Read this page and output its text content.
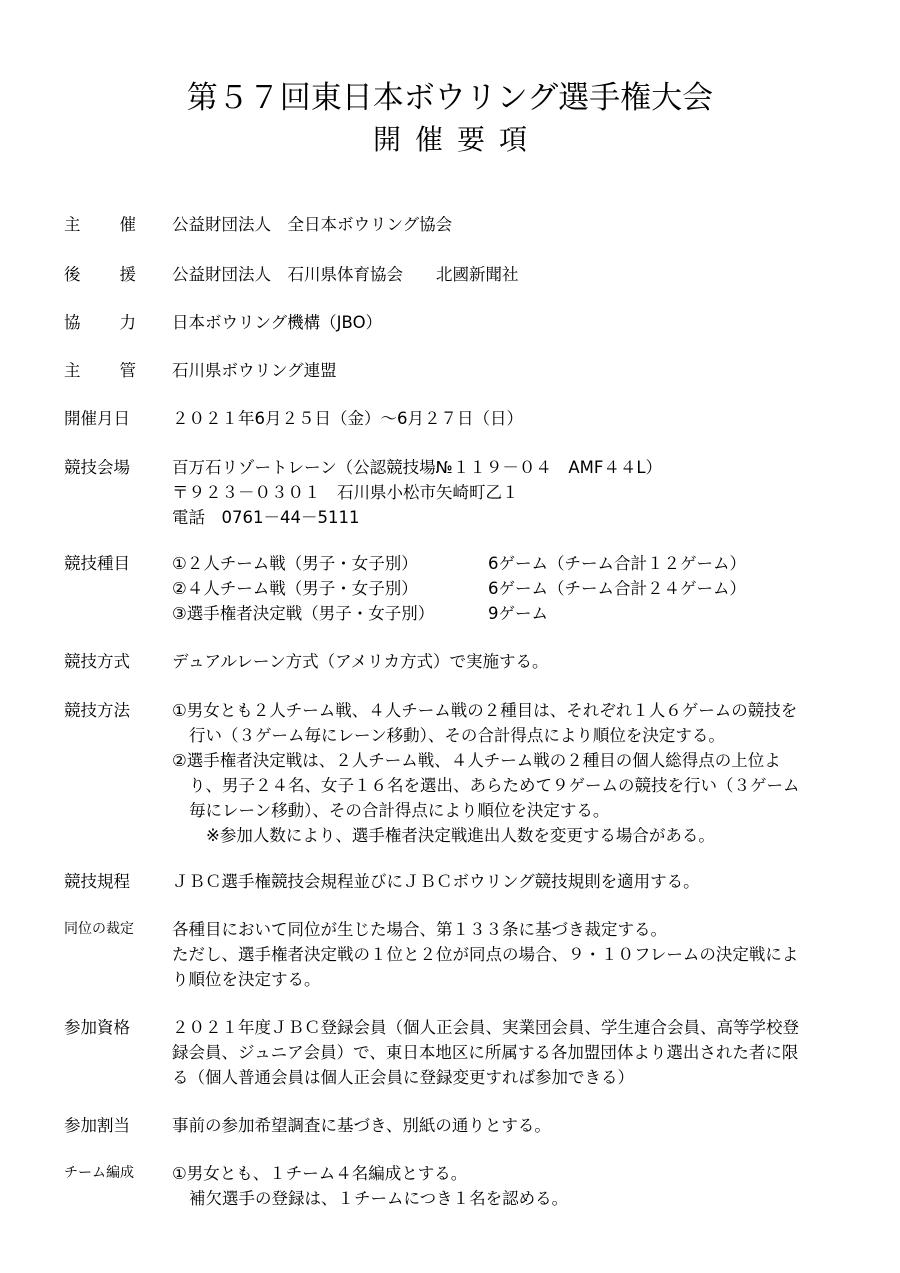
第５７回東日本ボウリング選手権大会
開催要項
主 催 公益財団法人　全日本ボウリング協会
後 援 公益財団法人　石川県体育協会　　北國新聞社
協 力 日本ボウリング機構（JBO）
主 管 石川県ボウリング連盟
開催月日	２０２１年6月２５日（金）～6月２７日（日）
競技会場	百万石リゾートレーン（公認競技場№１１９－０４　AMF４４L）
〒９２３－０３０１　石川県小松市矢崎町乙１
電話　0761－44－5111
競技種目	①２人チーム戦（男子・女子別）	6ゲーム（チーム合計１２ゲーム）
②４人チーム戦（男子・女子別）	6ゲーム（チーム合計２４ゲーム）
③選手権者決定戦（男子・女子別）	9ゲーム
競技方式	デュアルレーン方式（アメリカ方式）で実施する。
競技方法	①男女とも２人チーム戦、４人チーム戦の２種目は、それぞれ１人６ゲームの競技を
行い（３ゲーム毎にレーン移動）、その合計得点により順位を決定する。
②選手権者決定戦は、２人チーム戦、４人チーム戦の２種目の個人総得点の上位よ
り、男子２４名、女子１６名を選出、あらためて９ゲームの競技を行い（３ゲーム
毎にレーン移動）、その合計得点により順位を決定する。
※参加人数により、選手権者決定戦進出人数を変更する場合がある。
競技規程	ＪＢＣ選手権競技会規程並びにＪＢＣボウリング競技規則を適用する。
同位の裁定	各種目において同位が生じた場合、第１３３条に基づき裁定する。
ただし、選手権者決定戦の１位と２位が同点の場合、９・１０フレームの決定戦によ
り順位を決定する。
参加資格	２０２１年度ＪＢＣ登録会員（個人正会員、実業団会員、学生連合会員、高等学校登
録会員、ジュニア会員）で、東日本地区に所属する各加盟団体より選出された者に限
る（個人普通会員は個人正会員に登録変更すれば参加できる）
参加割当	事前の参加希望調査に基づき、別紙の通りとする。
チーム編成	①男女とも、１チーム４名編成とする。
補欠選手の登録は、１チームにつき１名を認める。
